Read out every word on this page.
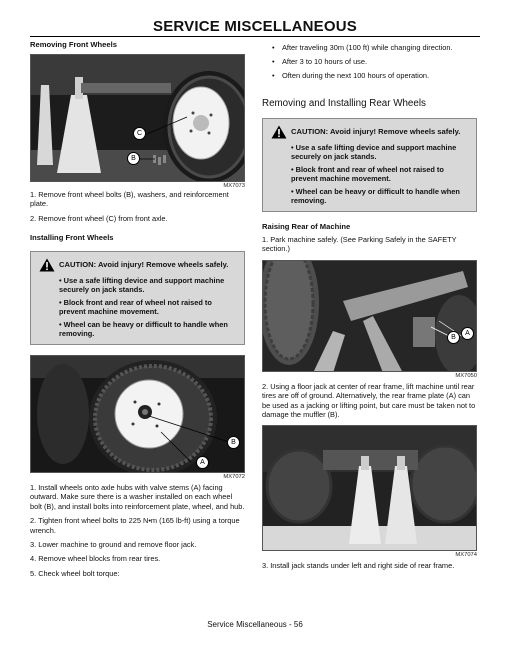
SERVICE MISCELLANEOUS
Removing Front Wheels
C
B
MX7073
1. Remove front wheel bolts (B), washers, and reinforcement plate.
2. Remove front wheel (C) from front axle.
Installing Front Wheels
CAUTION: Avoid injury! Remove wheels safely.
• Use a safe lifting device and support machine securely on jack stands.
• Block front and rear of wheel not raised to prevent machine movement.
• Wheel can be heavy or difficult to handle when removing.
B
A
MX7072
1. Install wheels onto axle hubs with valve stems (A) facing outward. Make sure there is a washer installed on each wheel bolt (B), and install bolts into reinforcement plate, wheel, and hub.
2. Tighten front wheel bolts to 225 N•m (165 lb-ft) using a torque wrench.
3. Lower machine to ground and remove floor jack.
4. Remove wheel blocks from rear tires.
5. Check wheel bolt torque:
• After traveling 30m (100 ft) while changing direction.
• After 3 to 10 hours of use.
• Often during the next 100 hours of operation.
Removing and Installing Rear Wheels
CAUTION: Avoid injury! Remove wheels safely.
• Use a safe lifting device and support machine securely on jack stands.
• Block front and rear of wheel not raised to prevent machine movement.
• Wheel can be heavy or difficult to handle when removing.
Raising Rear of Machine
1. Park machine safely. (See Parking Safely in the SAFETY section.)
B
A
MX7050
2. Using a floor jack at center of rear frame, lift machine until rear tires are off of ground. Alternatively, the rear frame plate (A) can be used as a jacking or lifting point, but care must be taken not to damage the muffler (B).
MX7074
3. Install jack stands under left and right side of rear frame.
Service Miscellaneous - 56
